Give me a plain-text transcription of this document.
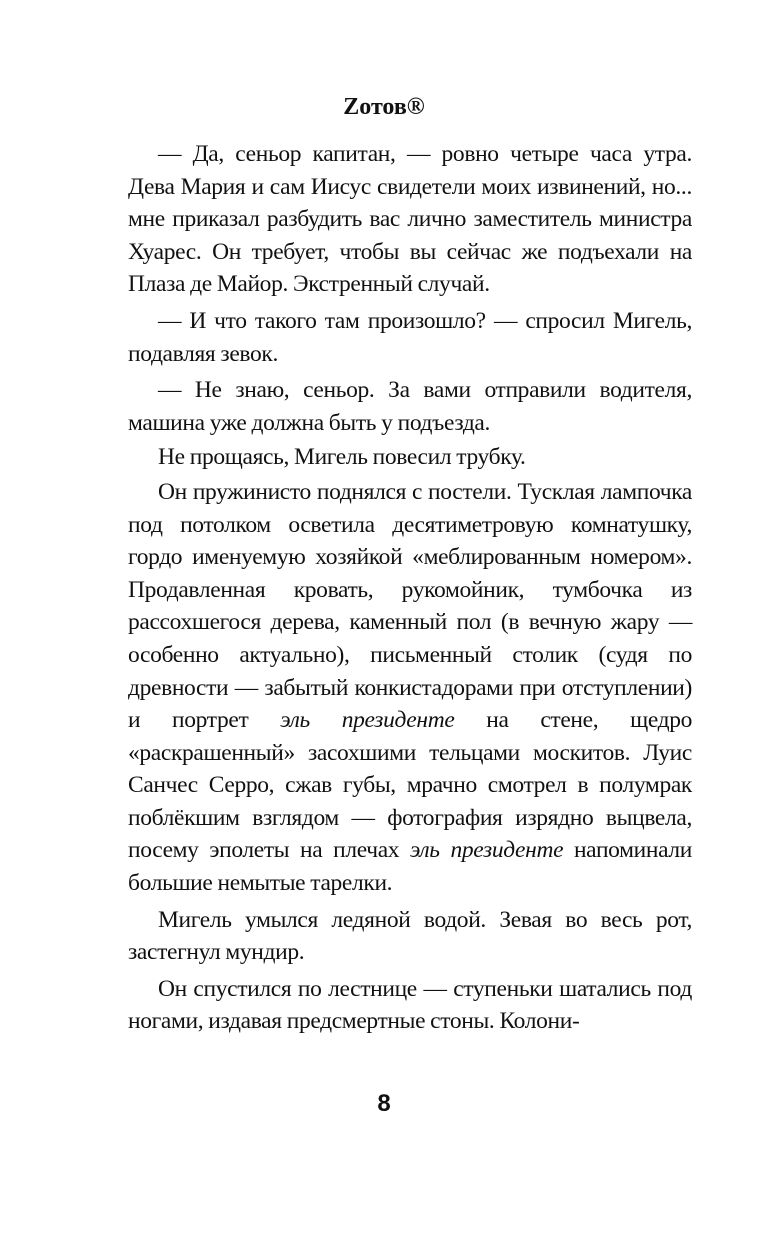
Zотов®

— Да, сеньор капитан, — ровно четыре часа утра. Дева Мария и сам Иисус свидетели моих извинений, но... мне приказал разбудить вас лично заместитель министра Хуарес. Он требует, чтобы вы сейчас же подъехали на Плаза де Майор. Экстренный случай.

— И что такого там произошло? — спросил Мигель, подавляя зевок.

— Не знаю, сеньор. За вами отправили водителя, машина уже должна быть у подъезда.

Не прощаясь, Мигель повесил трубку.

Он пружинисто поднялся с постели. Тусклая лампочка под потолком осветила десятиметровую комнатушку, гордо именуемую хозяйкой «меблированным номером». Продавленная кровать, рукомойник, тумбочка из рассохшегося дерева, каменный пол (в вечную жару — особенно актуально), письменный столик (судя по древности — забытый конкистадорами при отступлении) и портрет эль президенте на стене, щедро «раскрашенный» засохшими тельцами москитов. Луис Санчес Серро, сжав губы, мрачно смотрел в полумрак поблёкшим взглядом — фотография изрядно выцвела, посему эполеты на плечах эль президенте напоминали большие немытые тарелки.

Мигель умылся ледяной водой. Зевая во весь рот, застегнул мундир.

Он спустился по лестнице — ступеньки шатались под ногами, издавая предсмертные стоны. Колони-

8
